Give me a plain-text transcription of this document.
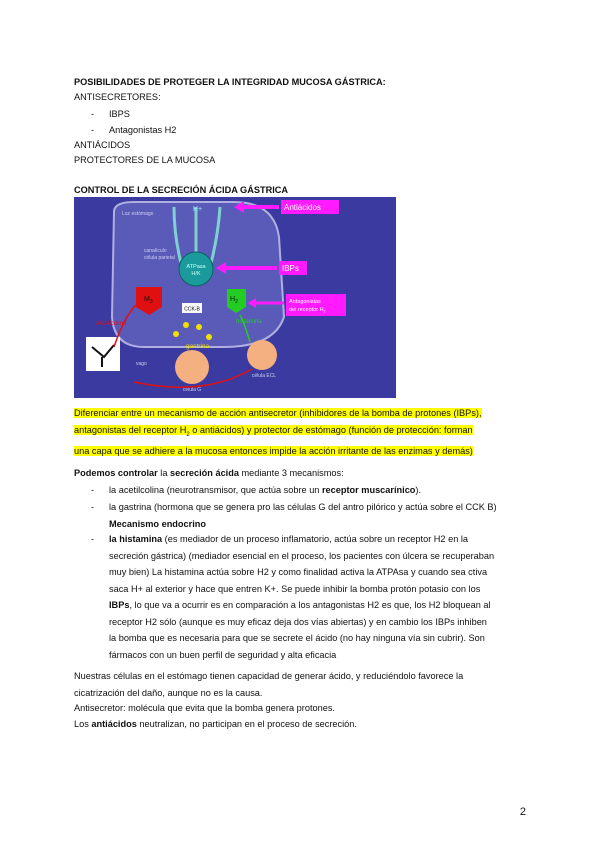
POSIBILIDADES DE PROTEGER LA INTEGRIDAD MUCOSA GÁSTRICA:
ANTISECRETORES:
- IBPS
- Antagonistas H2
ANTIÁCIDOS
PROTECTORES DE LA MUCOSA
CONTROL DE LA SECRECIÓN ÁCIDA GÁSTRICA
Luz estómago
canalículo
célula parietal
ATPasa
H/K
H+	Antiácidos
IBPs
Antagonistas
del receptor $H_2$
$M_3$
Acetilcolina
$H_2$
histamina
CCK-B
gastrina
célula G
célula ECL
vago
Diferenciar entre un mecanismo de acción antisecretor (inhibidores de la bomba de protones (IBPs),
antagonistas del receptor $H_2$ o antiácidos) y protector de estómago (función de protección: forman
una capa que se adhiere a la mucosa entonces impide la acción irritante de las enzimas y demás)
Podemos controlar la secreción ácida mediante 3 mecanismos:
- la acetilcolina (neurotransmisor, que actúa sobre un receptor muscarínico).
- la gastrina (hormona que se genera pro las células G del antro pilórico y actúa sobre el CCK B)
Mecanismo endocrino
- la histamina (es mediador de un proceso inflamatorio, actúa sobre un receptor H2 en la
secreción gástrica) (mediador esencial en el proceso, los pacientes con úlcera se recuperaban
muy bien) La histamina actúa sobre H2 y como finalidad activa la ATPAsa y cuando sea ctiva
saca H+ al exterior y hace que entren K+. Se puede inhibir la bomba protón potasio con los
IBPs, lo que va a ocurrir es en comparación a los antagonistas H2 es que, los H2 bloquean al
receptor H2 sólo (aunque es muy eficaz deja dos vías abiertas) y en cambio los IBPs inhiben
la bomba que es necesaria para que se secrete el ácido (no hay ninguna vía sin cubrir). Son
fármacos con un buen perfil de seguridad y alta eficacia
Nuestras células en el estómago tienen capacidad de generar ácido, y reduciéndolo favorece la
cicatrización del daño, aunque no es la causa.
Antisecretor: molécula que evita que la bomba genera protones.
Los antiácidos neutralizan, no participan en el proceso de secreción.
2
